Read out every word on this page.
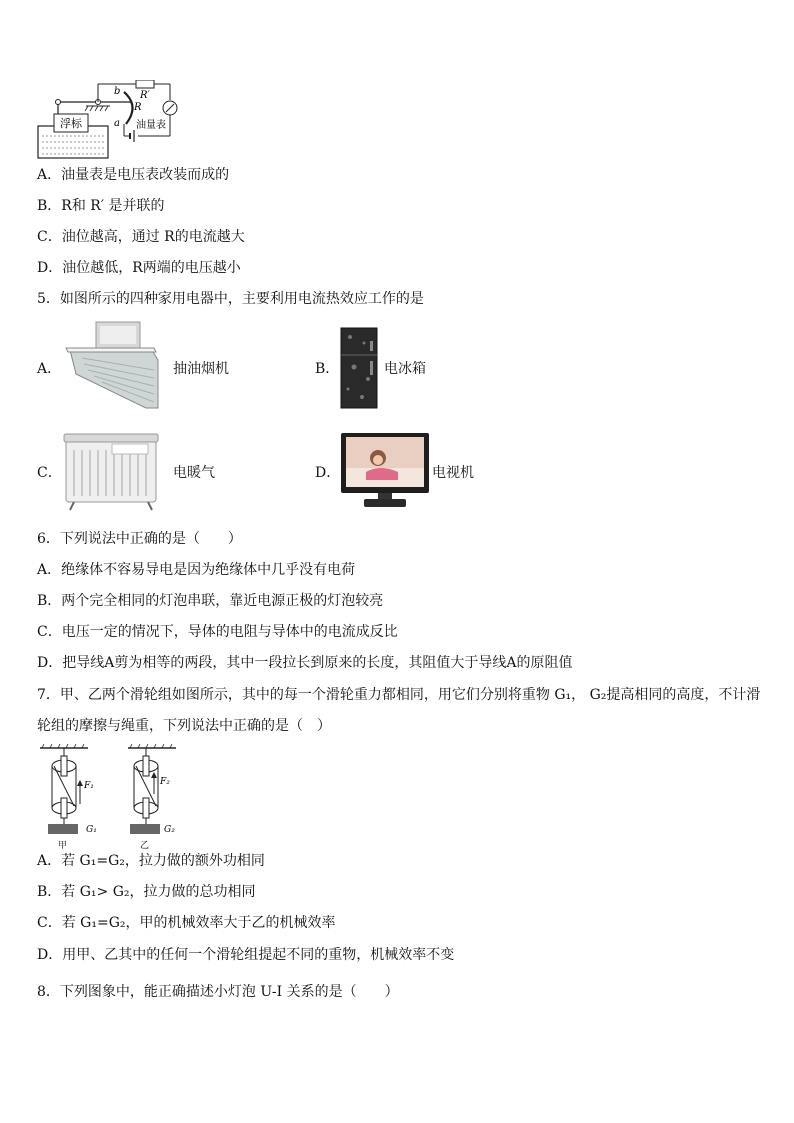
浮标
b
a
R
R′
油量表
A．油量表是电压表改装而成的
B．R和 R′ 是并联的
C．油位越高，通过 R的电流越大
D．油位越低，R两端的电压越小
5．如图所示的四种家用电器中，主要利用电流热效应工作的是
A．	抽油烟机	B．	电冰箱
C．	电暖气	D．	电视机
6．下列说法中正确的是（　　）
A．绝缘体不容易导电是因为绝缘体中几乎没有电荷
B．两个完全相同的灯泡串联，靠近电源正极的灯泡较亮
C．电压一定的情况下，导体的电阻与导体中的电流成反比
D．把导线A剪为相等的两段，其中一段拉长到原来的长度，其阻值大于导线A的原阻值
7．甲、乙两个滑轮组如图所示，其中的每一个滑轮重力都相同，用它们分别将重物 G₁， G₂提高相同的高度，不计滑
轮组的摩擦与绳重，下列说法中正确的是（　）
F₁
G₁
F₂
G₂
甲	乙
A．若 G₁=G₂，拉力做的额外功相同
B．若 G₁> G₂，拉力做的总功相同
C．若 G₁=G₂，甲的机械效率大于乙的机械效率
D．用甲、乙其中的任何一个滑轮组提起不同的重物，机械效率不变
8．下列图象中，能正确描述小灯泡 U-I 关系的是（　　）
